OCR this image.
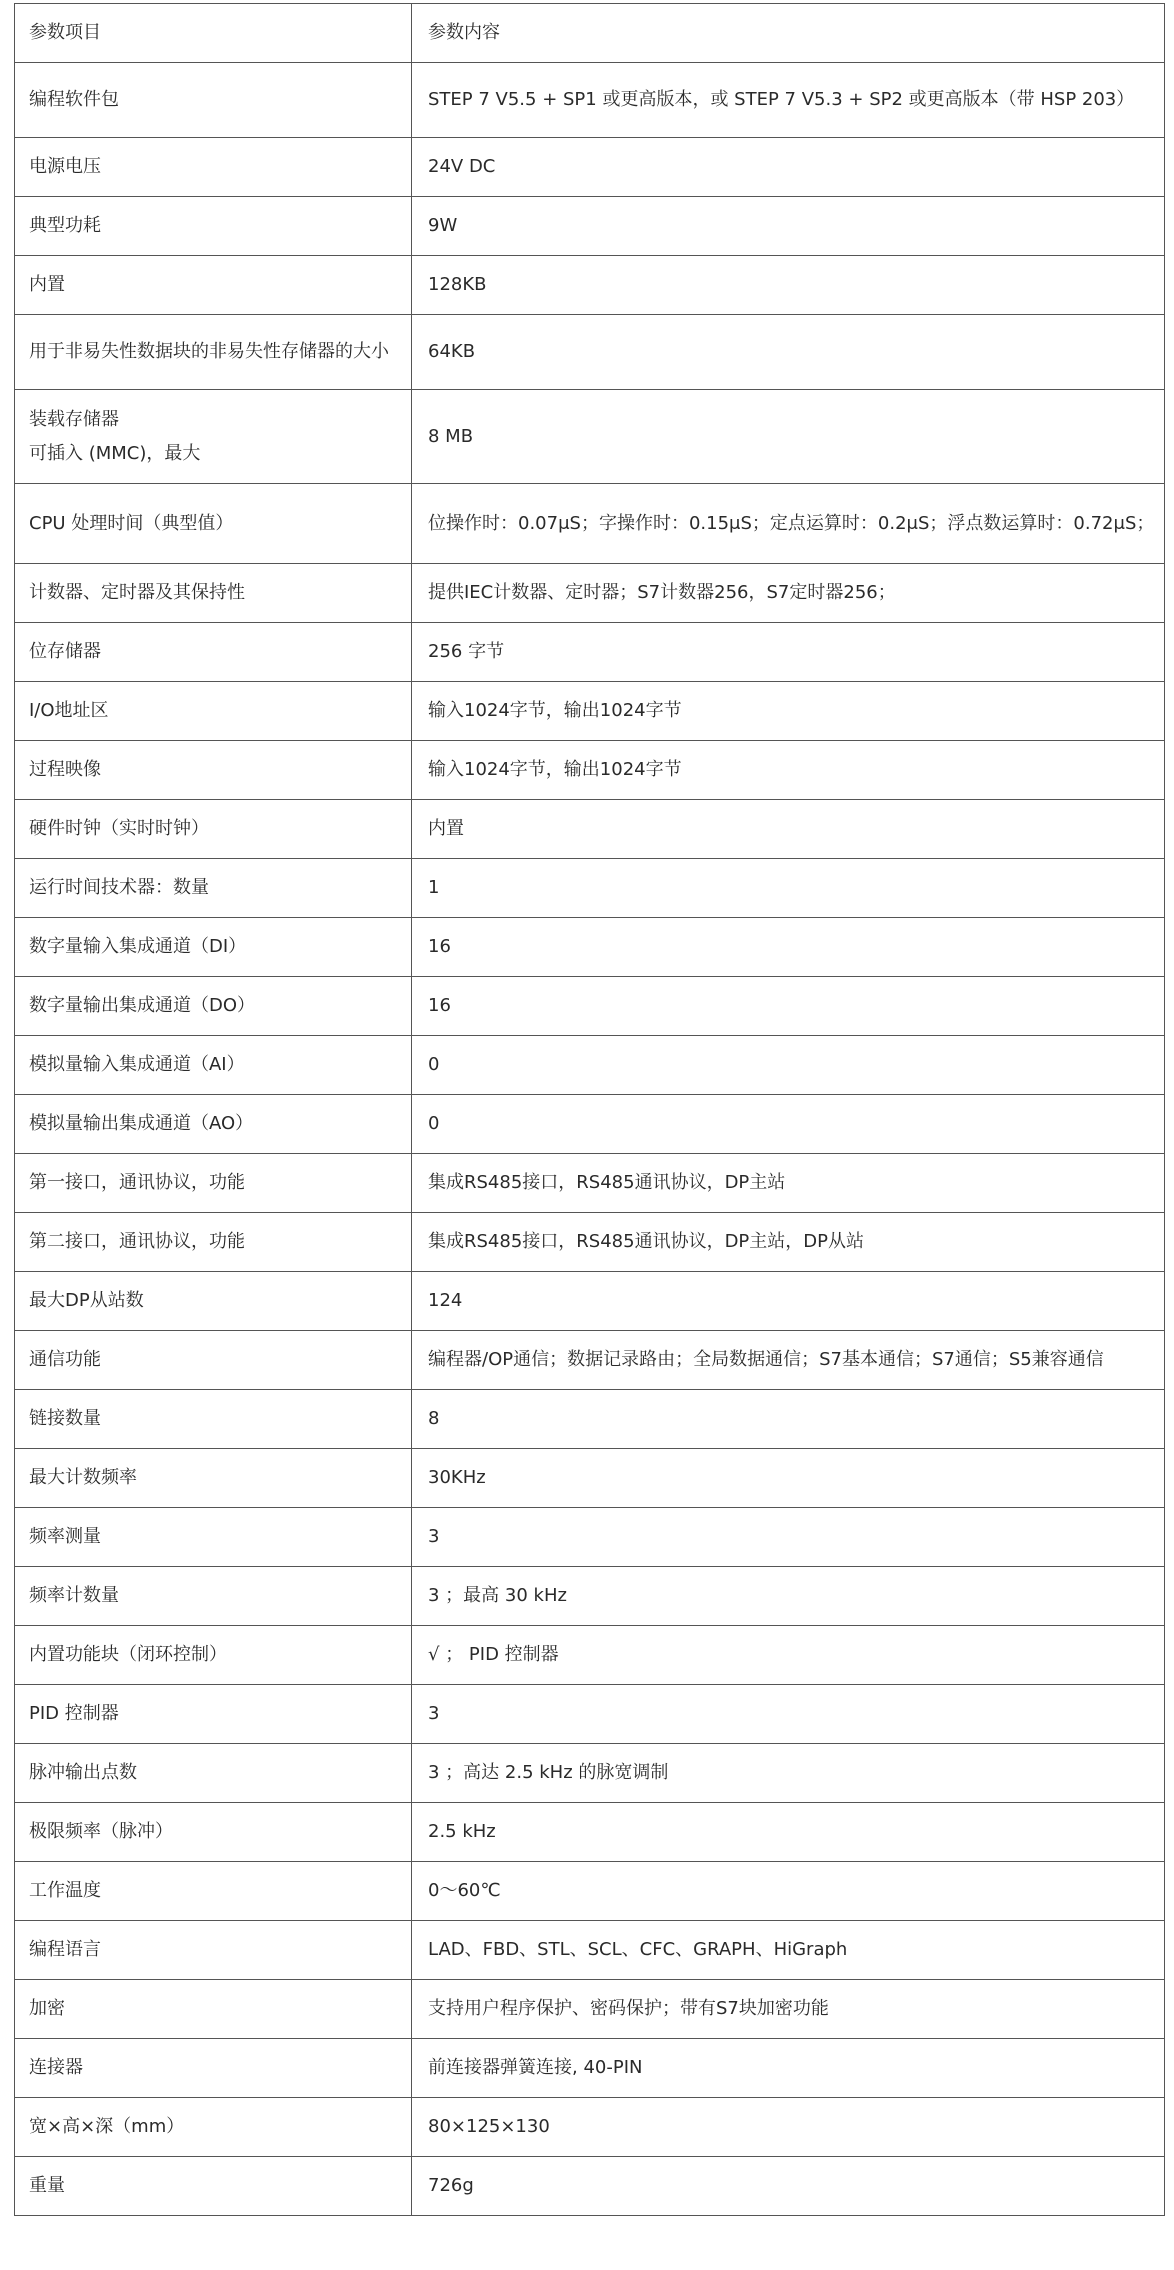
参数项目	参数内容

编程软件包	STEP 7 V5.5 + SP1 或更高版本，或 STEP 7 V5.3 + SP2 或更高版本（带 HSP 203）

电源电压	24V DC

典型功耗	9W

内置	128KB

用于非易失性数据块的非易失性存储器的大小	64KB

装载存储器
可插入 (MMC)，最大	8 MB

CPU 处理时间（典型值）	位操作时：0.07μS；字操作时：0.15μS；定点运算时：0.2μS；浮点数运算时：0.72μS；

计数器、定时器及其保持性	提供IEC计数器、定时器；S7计数器256，S7定时器256；

位存储器	256 字节

I/O地址区	输入1024字节，输出1024字节

过程映像	输入1024字节，输出1024字节

硬件时钟（实时时钟）	内置

运行时间技术器：数量	1

数字量输入集成通道（DI）	16

数字量输出集成通道（DO）	16

模拟量输入集成通道（AI）	0

模拟量输出集成通道（AO）	0

第一接口，通讯协议，功能	集成RS485接口，RS485通讯协议，DP主站

第二接口，通讯协议，功能	集成RS485接口，RS485通讯协议，DP主站，DP从站

最大DP从站数	124

通信功能	编程器/OP通信；数据记录路由；全局数据通信；S7基本通信；S7通信；S5兼容通信

链接数量	8

最大计数频率	30KHz

频率测量	3

频率计数量	3 ；最高 30 kHz

内置功能块（闭环控制）	√ ； PID 控制器

PID 控制器	3

脉冲输出点数	3 ；高达 2.5 kHz 的脉宽调制

极限频率（脉冲）	2.5 kHz

工作温度	0～60℃

编程语言	LAD、FBD、STL、SCL、CFC、GRAPH、HiGraph

加密	支持用户程序保护、密码保护；带有S7块加密功能

连接器	前连接器弹簧连接, 40-PIN

宽×高×深（mm）	80×125×130

重量	726g
